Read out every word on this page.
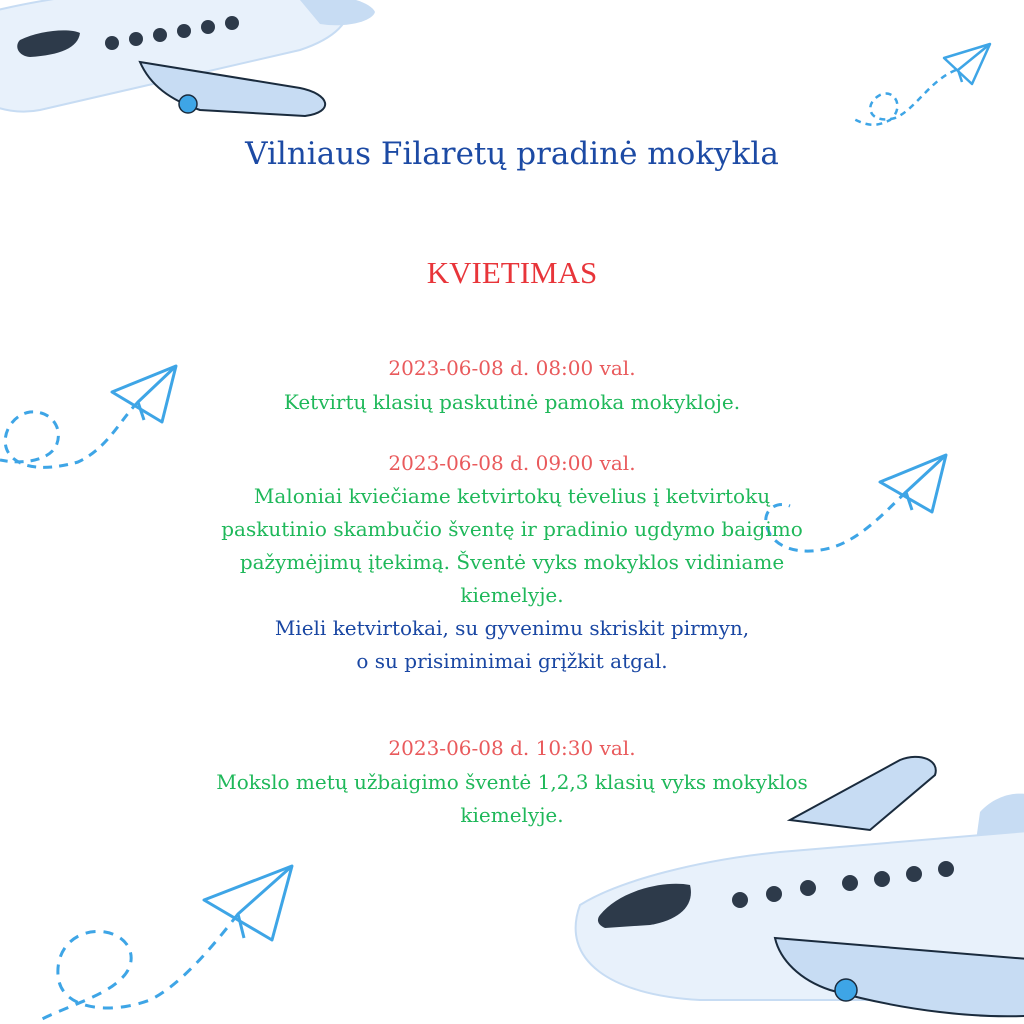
Vilniaus Filaretų pradinė mokykla
KVIETIMAS
2023-06-08 d. 08:00 val.
Ketvirtų klasių paskutinė pamoka mokykloje.
2023-06-08 d. 09:00 val.
Maloniai kviečiame ketvirtokų tėvelius į ketvirtokų
paskutinio skambučio šventę ir pradinio ugdymo baigimo
pažymėjimų įtekimą. Šventė vyks mokyklos vidiniame
kiemelyje.
Mieli ketvirtokai, su gyvenimu skriskit pirmyn,
o su prisiminimai grįžkit atgal.
2023-06-08 d. 10:30 val.
Mokslo metų užbaigimo šventė 1,2,3 klasių vyks mokyklos
kiemelyje.
